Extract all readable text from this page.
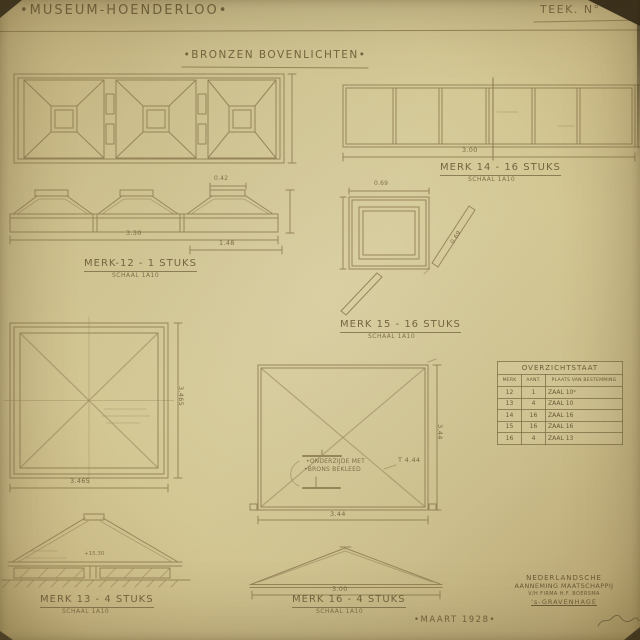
•MUSEUM-HOENDERLOO•	TEEK. N°
•BRONZEN BOVENLICHTEN•
3.30
1.48
0.42
MERK-12 - 1 STUKS
SCHAAL 1A10
3.00
MERK 14 - 16 STUKS
SCHAAL 1A10
0.69
0.69
MERK 15 - 16 STUKS
SCHAAL 1A10
3.465
3.465
+15.30
MERK 13 - 4 STUKS
SCHAAL 1A10
•ONDERZIJDE MET
•BRONS BEKLEED
T 4.44
3.44
3.44
3.00
MERK 16 - 4 STUKS
SCHAAL 1A10
OVERZICHTSTAAT		
MERK	AANT.	PLAATS VAN BESTEMMING
12	1	ZAAL 10ᵃ
13	4	ZAAL 10
14	16	ZAAL 16
15	16	ZAAL 16
16	4	ZAAL 13
NEDERLANDSCHE
AANNEMING MAATSCHAPPIJ
V/H FIRMA H.F. BOERSMA
's-GRAVENHAGE
•MAART 1928•
